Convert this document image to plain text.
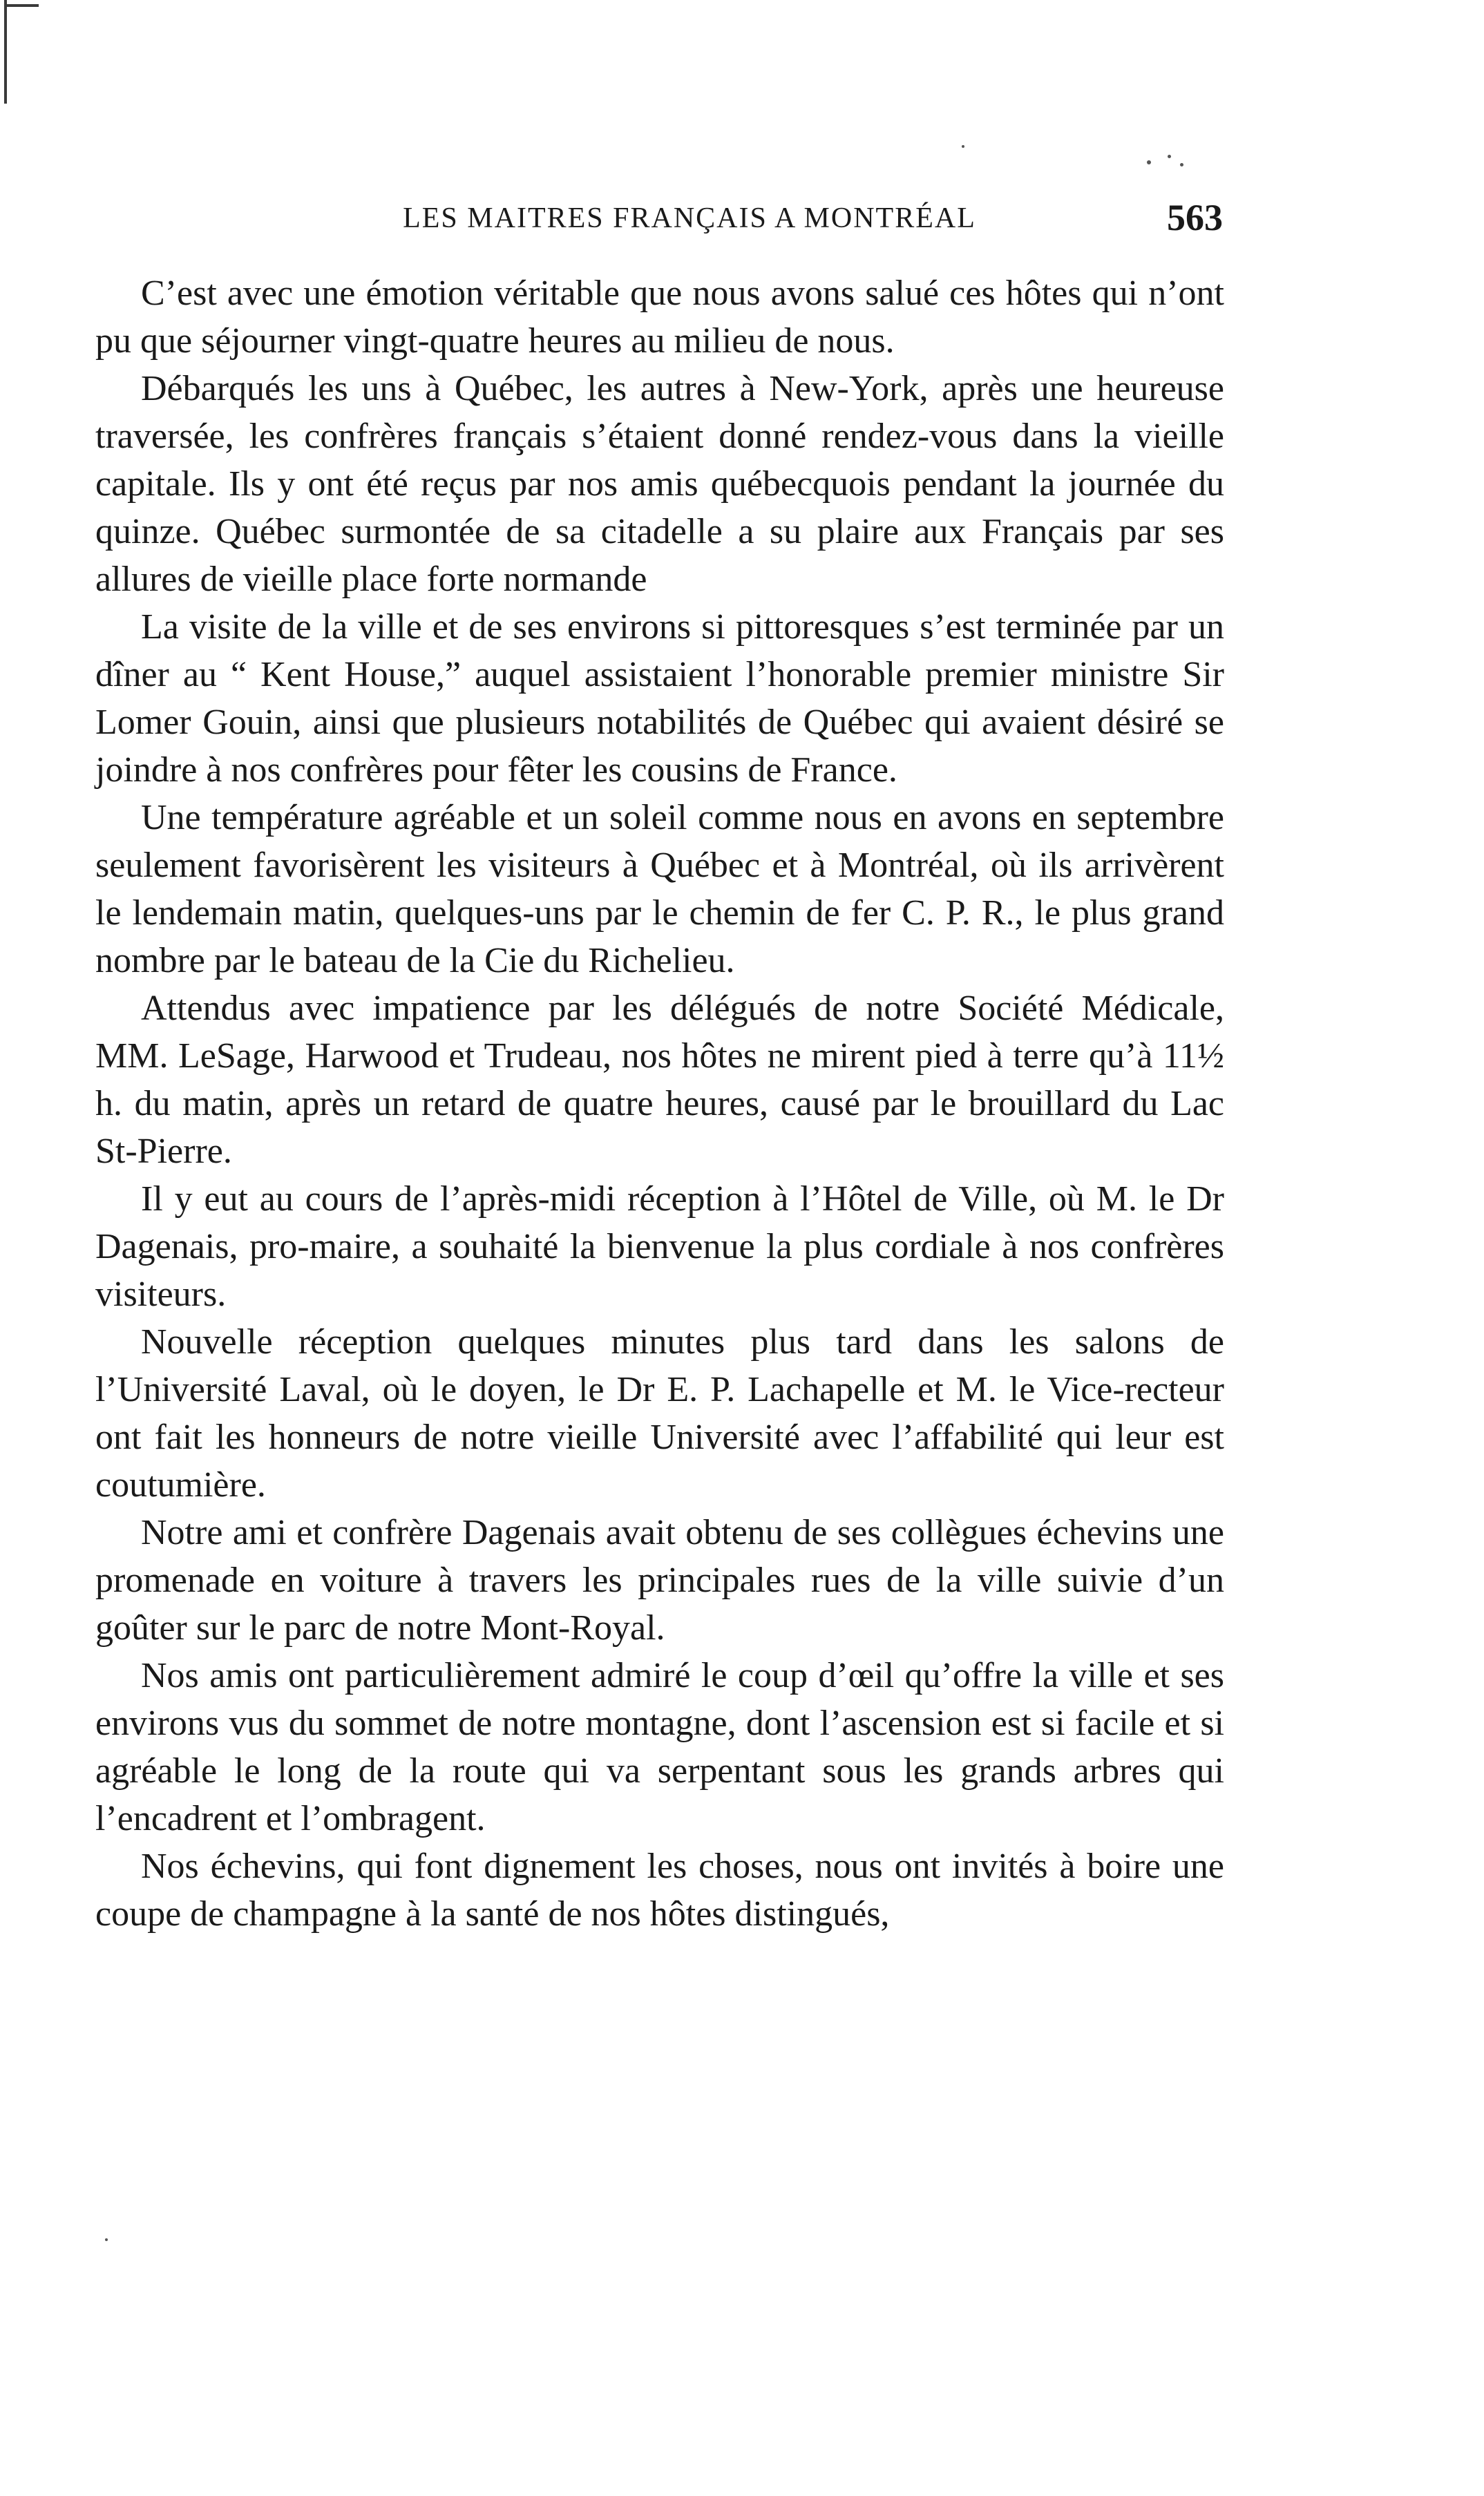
LES MAITRES FRANÇAIS A MONTRÉAL	563

C’est avec une émotion véritable que nous avons salué ces hôtes qui n’ont pu que séjourner vingt-quatre heures au milieu de nous.

Débarqués les uns à Québec, les autres à New-York, après une heureuse traversée, les confrères français s’étaient donné rendez-vous dans la vieille capitale. Ils y ont été reçus par nos amis québecquois pendant la journée du quinze. Québec surmontée de sa citadelle a su plaire aux Français par ses allures de vieille place forte normande

La visite de la ville et de ses environs si pittoresques s’est terminée par un dîner au “ Kent House,” auquel assistaient l’honorable premier ministre Sir Lomer Gouin, ainsi que plusieurs notabilités de Québec qui avaient désiré se joindre à nos confrères pour fêter les cousins de France.

Une température agréable et un soleil comme nous en avons en septembre seulement favorisèrent les visiteurs à Québec et à Montréal, où ils arrivèrent le lendemain matin, quelques-uns par le chemin de fer C. P. R., le plus grand nombre par le bateau de la Cie du Richelieu.

Attendus avec impatience par les délégués de notre Société Médicale, MM. LeSage, Harwood et Trudeau, nos hôtes ne mirent pied à terre qu’à 11½ h. du matin, après un retard de quatre heures, causé par le brouillard du Lac St-Pierre.

Il y eut au cours de l’après-midi réception à l’Hôtel de Ville, où M. le Dr Dagenais, pro-maire, a souhaité la bienvenue la plus cordiale à nos confrères visiteurs.

Nouvelle réception quelques minutes plus tard dans les salons de l’Université Laval, où le doyen, le Dr E. P. Lachapelle et M. le Vice-recteur ont fait les honneurs de notre vieille Université avec l’affabilité qui leur est coutumière.

Notre ami et confrère Dagenais avait obtenu de ses collègues échevins une promenade en voiture à travers les principales rues de la ville suivie d’un goûter sur le parc de notre Mont-Royal.

Nos amis ont particulièrement admiré le coup d’œil qu’offre la ville et ses environs vus du sommet de notre montagne, dont l’ascension est si facile et si agréable le long de la route qui va serpentant sous les grands arbres qui l’encadrent et l’ombragent.

Nos échevins, qui font dignement les choses, nous ont invités à boire une coupe de champagne à la santé de nos hôtes distingués,
